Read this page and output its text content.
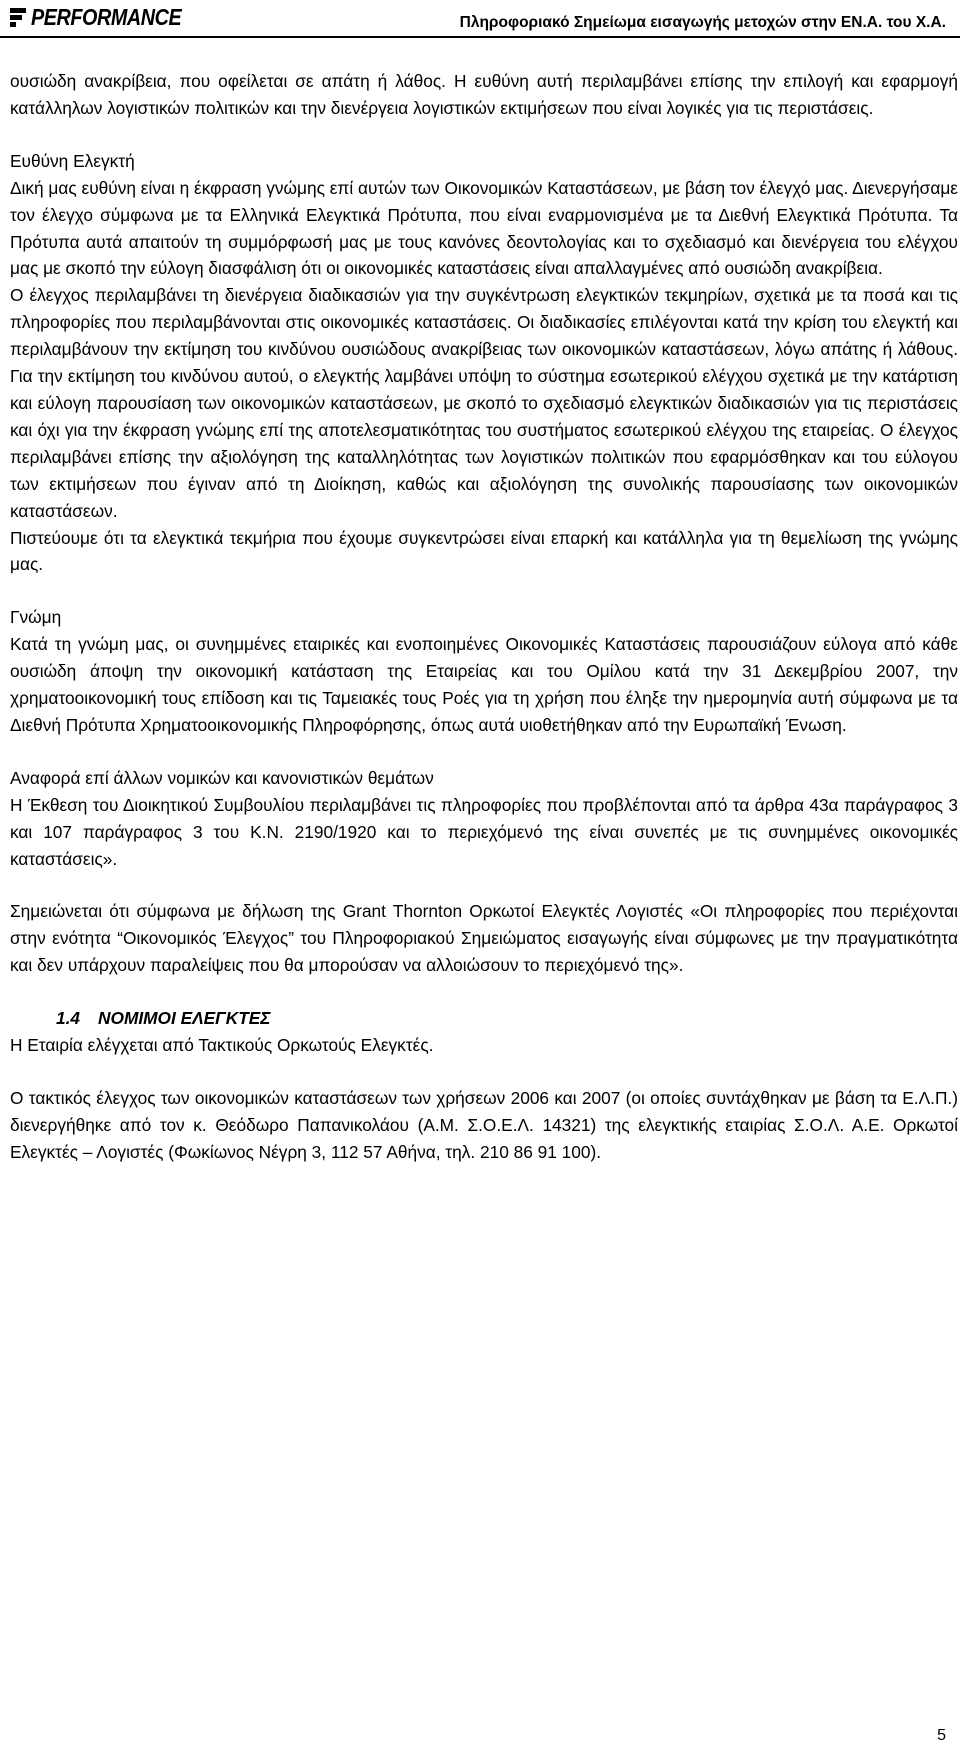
PERFORMANCE	Πληροφοριακό Σημείωμα εισαγωγής μετοχών στην ΕΝ.Α. του Χ.Α.

ουσιώδη ανακρίβεια, που οφείλεται σε απάτη ή λάθος. Η ευθύνη αυτή περιλαμβάνει επίσης την επιλογή και εφαρμογή κατάλληλων λογιστικών πολιτικών και την διενέργεια λογιστικών εκτιμήσεων που είναι λογικές για τις περιστάσεις.

Ευθύνη Ελεγκτή

Δική μας ευθύνη είναι η έκφραση γνώμης επί αυτών των Οικονομικών Καταστάσεων, με βάση τον έλεγχό μας. Διενεργήσαμε τον έλεγχο σύμφωνα με τα Ελληνικά Ελεγκτικά Πρότυπα, που είναι εναρμονισμένα με τα Διεθνή Ελεγκτικά Πρότυπα. Τα Πρότυπα αυτά απαιτούν τη συμμόρφωσή μας με τους κανόνες δεοντολογίας και το σχεδιασμό και διενέργεια του ελέγχου μας με σκοπό την εύλογη διασφάλιση ότι οι οικονομικές καταστάσεις είναι απαλλαγμένες από ουσιώδη ανακρίβεια.

Ο έλεγχος περιλαμβάνει τη διενέργεια διαδικασιών για την συγκέντρωση ελεγκτικών τεκμηρίων, σχετικά με τα ποσά και τις πληροφορίες που περιλαμβάνονται στις οικονομικές καταστάσεις. Οι διαδικασίες επιλέγονται κατά την κρίση του ελεγκτή και περιλαμβάνουν την εκτίμηση του κινδύνου ουσιώδους ανακρίβειας των οικονομικών καταστάσεων, λόγω απάτης ή λάθους. Για την εκτίμηση του κινδύνου αυτού, ο ελεγκτής λαμβάνει υπόψη το σύστημα εσωτερικού ελέγχου σχετικά με την κατάρτιση και εύλογη παρουσίαση των οικονομικών καταστάσεων, με σκοπό το σχεδιασμό ελεγκτικών διαδικασιών για τις περιστάσεις και όχι για την έκφραση γνώμης επί της αποτελεσματικότητας του συστήματος εσωτερικού ελέγχου της εταιρείας. Ο έλεγχος περιλαμβάνει επίσης την αξιολόγηση της καταλληλότητας των λογιστικών πολιτικών που εφαρμόσθηκαν και του εύλογου των εκτιμήσεων που έγιναν από τη Διοίκηση, καθώς και αξιολόγηση της συνολικής παρουσίασης των οικονομικών καταστάσεων.

Πιστεύουμε ότι τα ελεγκτικά τεκμήρια που έχουμε συγκεντρώσει είναι επαρκή και κατάλληλα για τη θεμελίωση της γνώμης μας.

Γνώμη

Κατά τη γνώμη μας, οι συνημμένες εταιρικές και ενοποιημένες Οικονομικές Καταστάσεις παρουσιάζουν εύλογα από κάθε ουσιώδη άποψη την οικονομική κατάσταση της Εταιρείας και του Ομίλου κατά την 31 Δεκεμβρίου 2007, την χρηματοοικονομική τους επίδοση και τις Ταμειακές τους Ροές για τη χρήση που έληξε την ημερομηνία αυτή σύμφωνα με τα Διεθνή Πρότυπα Χρηματοοικονομικής Πληροφόρησης, όπως αυτά υιοθετήθηκαν από την Ευρωπαϊκή Ένωση.

Αναφορά επί άλλων νομικών και κανονιστικών θεμάτων

Η Έκθεση του Διοικητικού Συμβουλίου περιλαμβάνει τις πληροφορίες που προβλέπονται από τα άρθρα 43α παράγραφος 3 και 107 παράγραφος 3 του Κ.Ν. 2190/1920 και το περιεχόμενό της είναι συνεπές με τις συνημμένες οικονομικές καταστάσεις».

Σημειώνεται ότι σύμφωνα με δήλωση της Grant Thornton Ορκωτοί Ελεγκτές Λογιστές «Οι πληροφορίες που περιέχονται στην ενότητα “Οικονομικός Έλεγχος” του Πληροφοριακού Σημειώματος εισαγωγής είναι σύμφωνες με την πραγματικότητα και δεν υπάρχουν παραλείψεις που θα μπορούσαν να αλλοιώσουν το περιεχόμενό της».

1.4 ΝΟΜΙΜΟΙ ΕΛΕΓΚΤΕΣ

Η Εταιρία ελέγχεται από Τακτικούς Ορκωτούς Ελεγκτές.

Ο τακτικός έλεγχος των οικονομικών καταστάσεων των χρήσεων 2006 και 2007 (οι οποίες συντάχθηκαν με βάση τα Ε.Λ.Π.) διενεργήθηκε από τον κ. Θεόδωρο Παπανικολάου (Α.Μ. Σ.Ο.Ε.Λ. 14321) της ελεγκτικής εταιρίας Σ.Ο.Λ. Α.Ε. Ορκωτοί Ελεγκτές – Λογιστές (Φωκίωνος Νέγρη 3, 112 57 Αθήνα, τηλ. 210 86 91 100).

5
